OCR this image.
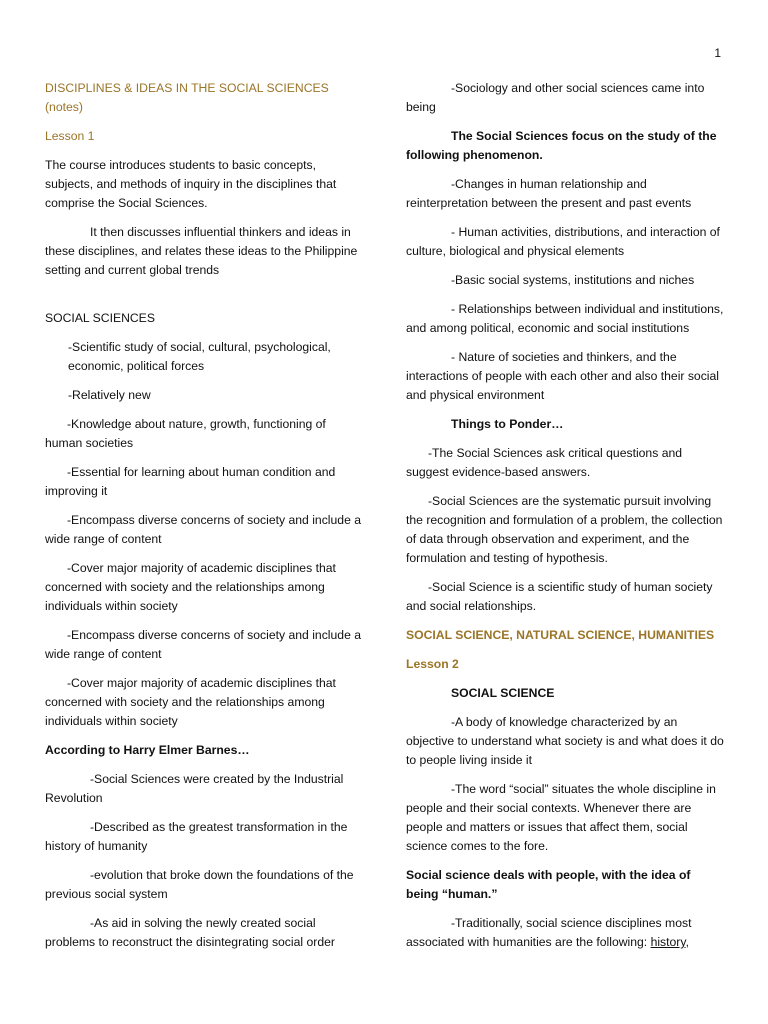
1

DISCIPLINES & IDEAS IN THE SOCIAL SCIENCES (notes)

Lesson 1

The course introduces students to basic concepts, subjects, and methods of inquiry in the disciplines that comprise the Social Sciences.

It then discusses influential thinkers and ideas in these disciplines, and relates these ideas to the Philippine setting and current global trends

SOCIAL SCIENCES

-Scientific study of social, cultural, psychological, economic, political forces

-Relatively new

-Knowledge about nature, growth, functioning of human societies

-Essential for learning about human condition and improving it

-Encompass diverse concerns of society and include a wide range of content

-Cover major majority of academic disciplines that concerned with society and the relationships among individuals within society

-Encompass diverse concerns of society and include a wide range of content

-Cover major majority of academic disciplines that concerned with society and the relationships among individuals within society

According to Harry Elmer Barnes…

-Social Sciences were created by the Industrial Revolution

-Described as the greatest transformation in the history of humanity

-evolution that broke down the foundations of the previous social system

-As aid in solving the newly created social problems to reconstruct the disintegrating social order

-Sociology and other social sciences came into being

The Social Sciences focus on the study of the following phenomenon.

-Changes in human relationship and reinterpretation between the present and past events

- Human activities, distributions, and interaction of culture, biological and physical elements

-Basic social systems, institutions and niches

- Relationships between individual and institutions, and among political, economic and social institutions

- Nature of societies and thinkers, and the interactions of people with each other and also their social and physical environment

Things to Ponder…

-The Social Sciences ask critical questions and suggest evidence-based answers.

-Social Sciences are the systematic pursuit involving the recognition and formulation of a problem, the collection of data through observation and experiment, and the formulation and testing of hypothesis.

-Social Science is a scientific study of human society and social relationships.

SOCIAL SCIENCE, NATURAL SCIENCE, HUMANITIES

Lesson 2

SOCIAL SCIENCE

-A body of knowledge characterized by an objective to understand what society is and what does it do to people living inside it

-The word “social” situates the whole discipline in people and their social contexts. Whenever there are people and matters or issues that affect them, social science comes to the fore.

Social science deals with people, with the idea of being “human.”

-Traditionally, social science disciplines most associated with humanities are the following: history,
